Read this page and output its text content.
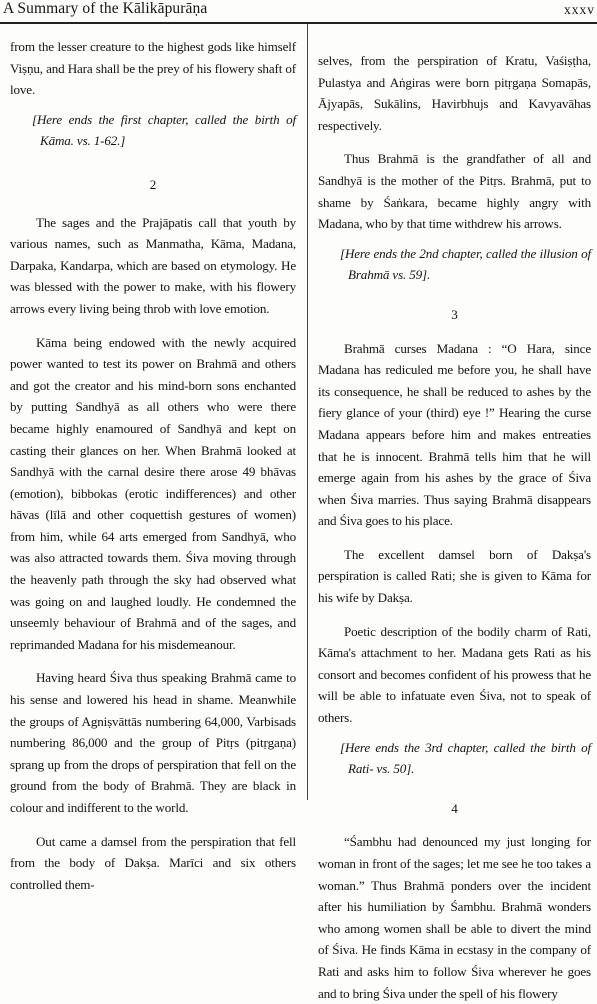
A Summary of the Kālikāpurāṇa	xxxv

from the lesser creature to the highest gods like himself Viṣṇu, and Hara shall be the prey of his flowery shaft of love.

[Here ends the first chapter, called the birth of Kāma. vs. 1-62.]

2

The sages and the Prajāpatis call that youth by various names, such as Manmatha, Kāma, Madana, Darpaka, Kandarpa, which are based on etymology. He was blessed with the power to make, with his flowery arrows every living being throb with love emotion.

Kāma being endowed with the newly acquired power wanted to test its power on Brahmā and others and got the creator and his mind-born sons enchanted by putting Sandhyā as all others who were there became highly enamoured of Sandhyā and kept on casting their glances on her. When Brahmā looked at Sandhyā with the carnal desire there arose 49 bhāvas (emotion), bibbokas (erotic indifferences) and other hāvas (līlā and other coquettish gestures of women) from him, while 64 arts emerged from Sandhyā, who was also attracted towards them. Śiva moving through the heavenly path through the sky had observed what was going on and laughed loudly. He condemned the unseemly behaviour of Brahmā and of the sages, and reprimanded Madana for his misdemeanour.

Having heard Śiva thus speaking Brahmā came to his sense and lowered his head in shame. Meanwhile the groups of Agniṣvāttās numbering 64,000, Varbisads numbering 86,000 and the group of Pitṛs (pitṛgaṇa) sprang up from the drops of perspiration that fell on the ground from the body of Brahmā. They are black in colour and indifferent to the world.

Out came a damsel from the perspiration that fell from the body of Dakṣa. Marīci and six others controlled them-

selves, from the perspiration of Kratu, Vaśiṣṭha, Pulastya and Aṅgiras were born pitṛgaṇa Somapās, Ājyapās, Sukālins, Havirbhujs and Kavyavāhas respectively.

Thus Brahmā is the grandfather of all and Sandhyā is the mother of the Pitṛs. Brahmā, put to shame by Śaṅkara, became highly angry with Madana, who by that time withdrew his arrows.

[Here ends the 2nd chapter, called the illusion of Brahmā vs. 59].

3

Brahmā curses Madana : “O Hara, since Madana has rediculed me before you, he shall have its consequence, he shall be reduced to ashes by the fiery glance of your (third) eye !” Hearing the curse Madana appears before him and makes entreaties that he is innocent. Brahmā tells him that he will emerge again from his ashes by the grace of Śiva when Śiva marries. Thus saying Brahmā disappears and Śiva goes to his place.

The excellent damsel born of Dakṣa's perspiration is called Rati; she is given to Kāma for his wife by Dakṣa.

Poetic description of the bodily charm of Rati, Kāma's attachment to her. Madana gets Rati as his consort and becomes confident of his prowess that he will be able to infatuate even Śiva, not to speak of others.

[Here ends the 3rd chapter, called the birth of Rati- vs. 50].

4

“Śambhu had denounced my just longing for woman in front of the sages; let me see he too takes a woman.” Thus Brahmā ponders over the incident after his humiliation by Śambhu. Brahmā wonders who among women shall be able to divert the mind of Śiva. He finds Kāma in ecstasy in the company of Rati and asks him to follow Śiva wherever he goes and to bring Śiva under the spell of his flowery
